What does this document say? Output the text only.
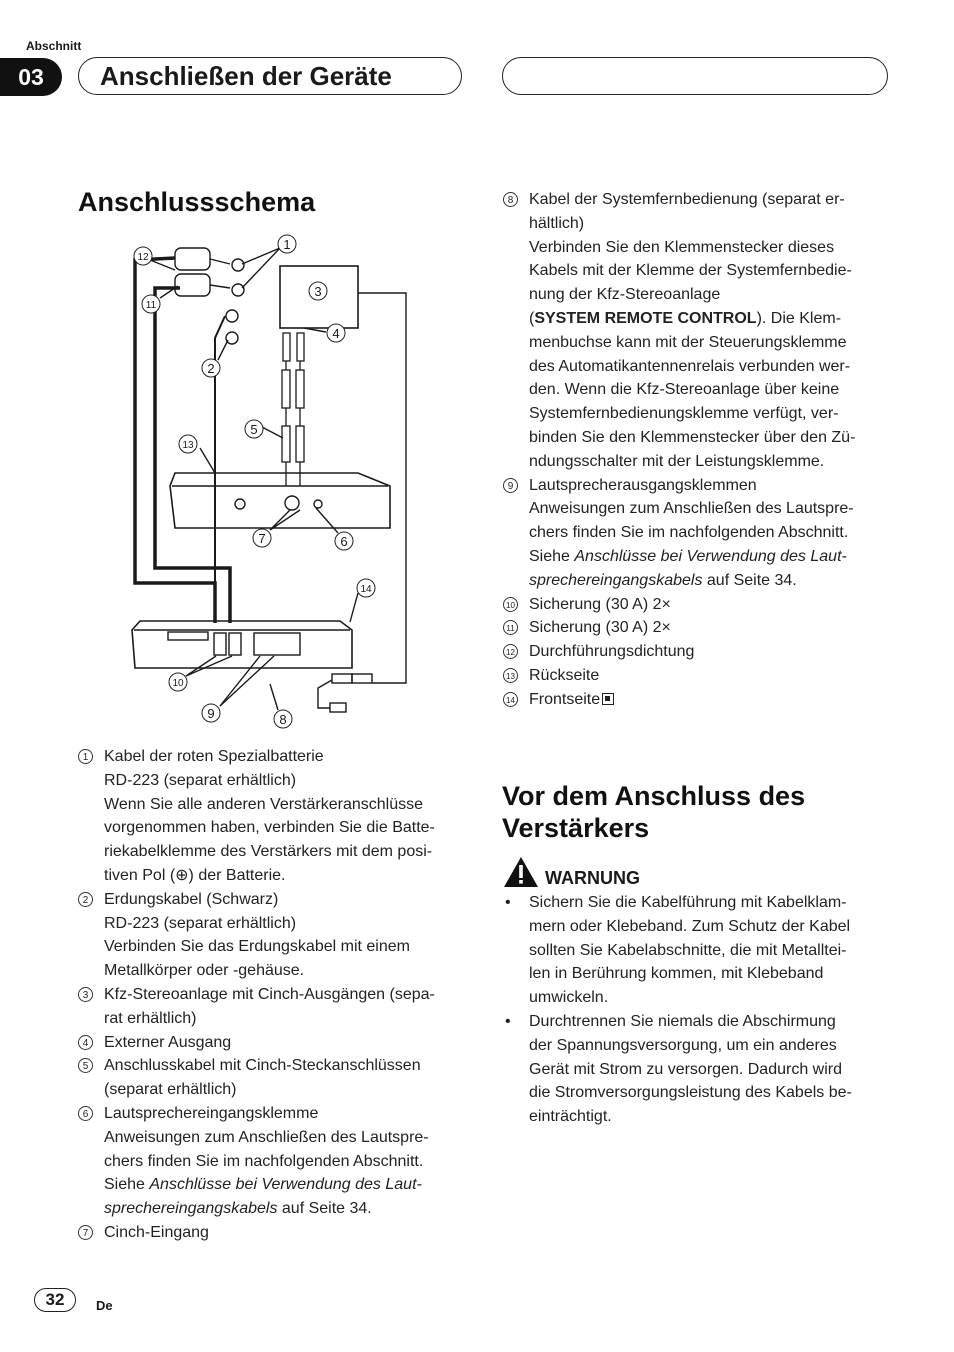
Abschnitt
03	Anschließen der Geräte
Anschlussschema
1
2
3
4
5
6
7
8
9
10
11
12
13
14
1 Kabel der roten Spezialbatterie

RD-223 (separat erhältlich)

Wenn Sie alle anderen Verstärkeranschlüsse

vorgenommen haben, verbinden Sie die Batte-

riekabelklemme des Verstärkers mit dem posi-

tiven Pol (⊕) der Batterie.

2 Erdungskabel (Schwarz)

RD-223 (separat erhältlich)

Verbinden Sie das Erdungskabel mit einem

Metallkörper oder -gehäuse.

3 Kfz-Stereoanlage mit Cinch-Ausgängen (sepa-

rat erhältlich)

4 Externer Ausgang

5 Anschlusskabel mit Cinch-Steckanschlüssen

(separat erhältlich)

6 Lautsprechereingangsklemme

Anweisungen zum Anschließen des Lautspre-

chers finden Sie im nachfolgenden Abschnitt.

Siehe Anschlüsse bei Verwendung des Laut-

sprechereingangskabels auf Seite 34.

7 Cinch-Eingang

8 Kabel der Systemfernbedienung (separat er-

hältlich)

Verbinden Sie den Klemmenstecker dieses

Kabels mit der Klemme der Systemfernbedie-

nung der Kfz-Stereoanlage

(SYSTEM REMOTE CONTROL). Die Klem-

menbuchse kann mit der Steuerungsklemme

des Automatikantennenrelais verbunden wer-

den. Wenn die Kfz-Stereoanlage über keine

Systemfernbedienungsklemme verfügt, ver-

binden Sie den Klemmenstecker über den Zü-

ndungsschalter mit der Leistungsklemme.

9 Lautsprecherausgangsklemmen

Anweisungen zum Anschließen des Lautspre-

chers finden Sie im nachfolgenden Abschnitt.

Siehe Anschlüsse bei Verwendung des Laut-

sprechereingangskabels auf Seite 34.

10 Sicherung (30 A) 2×

11 Sicherung (30 A) 2×

12 Durchführungsdichtung

13 Rückseite

14 Frontseite

Vor dem Anschluss des
Verstärkers
WARNUNG
• Sichern Sie die Kabelführung mit Kabelklam-
mern oder Klebeband. Zum Schutz der Kabel
sollten Sie Kabelabschnitte, die mit Metalltei-
len in Berührung kommen, mit Klebeband
umwickeln.
• Durchtrennen Sie niemals die Abschirmung
der Spannungsversorgung, um ein anderes
Gerät mit Strom zu versorgen. Dadurch wird
die Stromversorgungsleistung des Kabels be-
einträchtigt.
32	De
